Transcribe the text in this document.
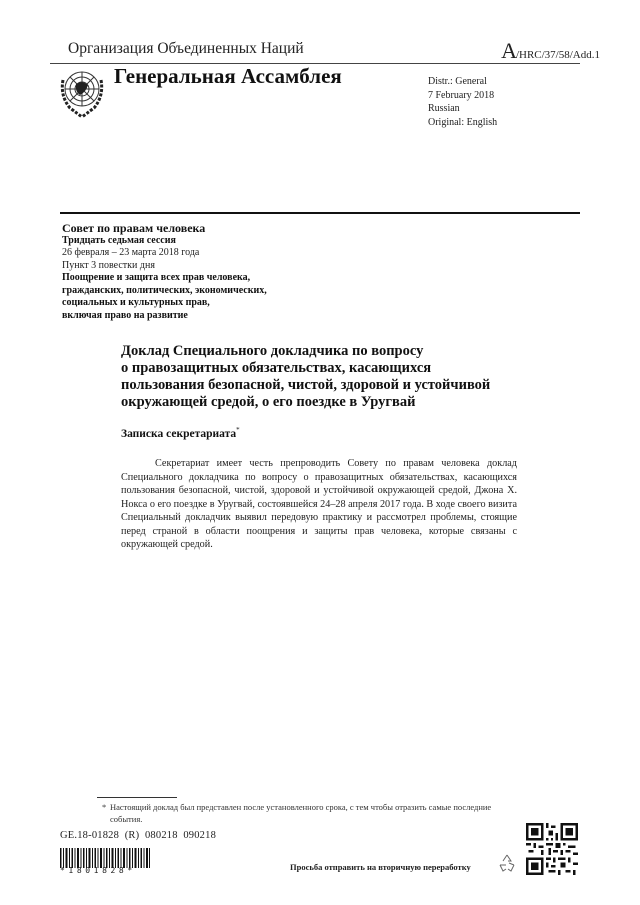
Организация Объединенных Наций	A/HRC/37/58/Add.1
Генеральная Ассамблея	Distr.: General
7 February 2018
Russian
Original: English
Совет по правам человека
Тридцать седьмая сессия
26 февраля – 23 марта 2018 года
Пункт 3 повестки дня
Поощрение и защита всех прав человека,
гражданских, политических, экономических,
социальных и культурных прав,
включая право на развитие
Доклад Специального докладчика по вопросу
о правозащитных обязательствах, касающихся
пользования безопасной, чистой, здоровой и устойчивой
окружающей средой, о его поездке в Уругвай
Записка секретариата*
Секретариат имеет честь препроводить Совету по правам человека доклад Специального докладчика по вопросу о правозащитных обязательствах, касающихся пользования безопасной, чистой, здоровой и устойчивой окружающей средой, Джона Х. Нокса о его поездке в Уругвай, состоявшейся 24–28 апреля 2017 года. В ходе своего визита Специальный докладчик выявил передовую практику и рассмотрел проблемы, стоящие перед страной в области поощрения и защиты прав человека, которые связаны с окружающей средой.
* Настоящий доклад был представлен после установленного срока, с тем чтобы отразить самые последние события.
GE.18-01828  (R)  080218  090218
*1801828*	Просьба отправить на вторичную переработку
